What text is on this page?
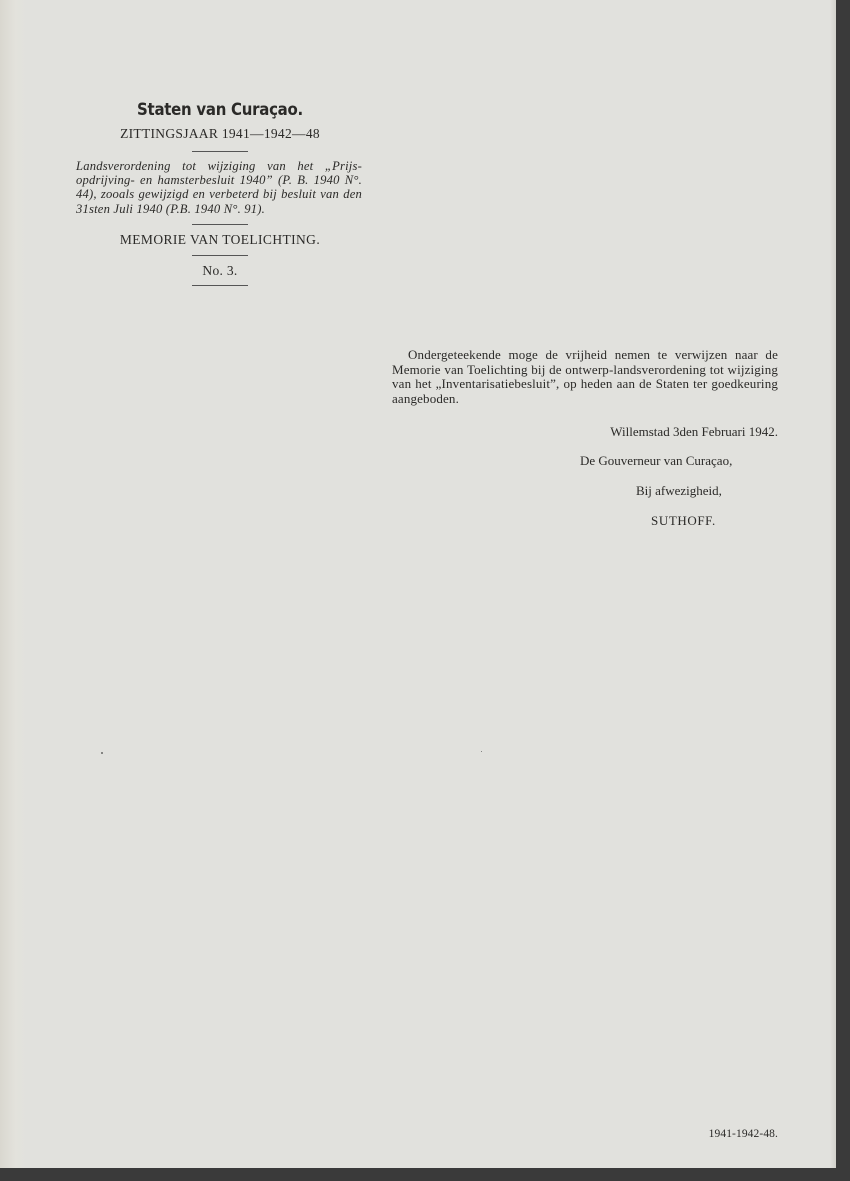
Staten van Curaçao.
ZITTINGSJAAR 1941—1942—48

Landsverordening tot wijziging van het „Prijs-opdrijving- en hamsterbesluit 1940” (P. B. 1940 N°. 44), zooals gewijzigd en verbeterd bij besluit van den 31sten Juli 1940 (P.B. 1940 N°. 91).

MEMORIE VAN TOELICHTING.
No. 3.

Ondergeteekende moge de vrijheid nemen te verwijzen naar de Memorie van Toelichting bij de ontwerp-landsverordening tot wijziging van het „Inventarisatiebesluit”, op heden aan de Staten ter goedkeuring aangeboden.

Willemstad 3den Februari 1942.
De Gouverneur van Curaçao,
Bij afwezigheid,
SUTHOFF.
1941-1942-48.
